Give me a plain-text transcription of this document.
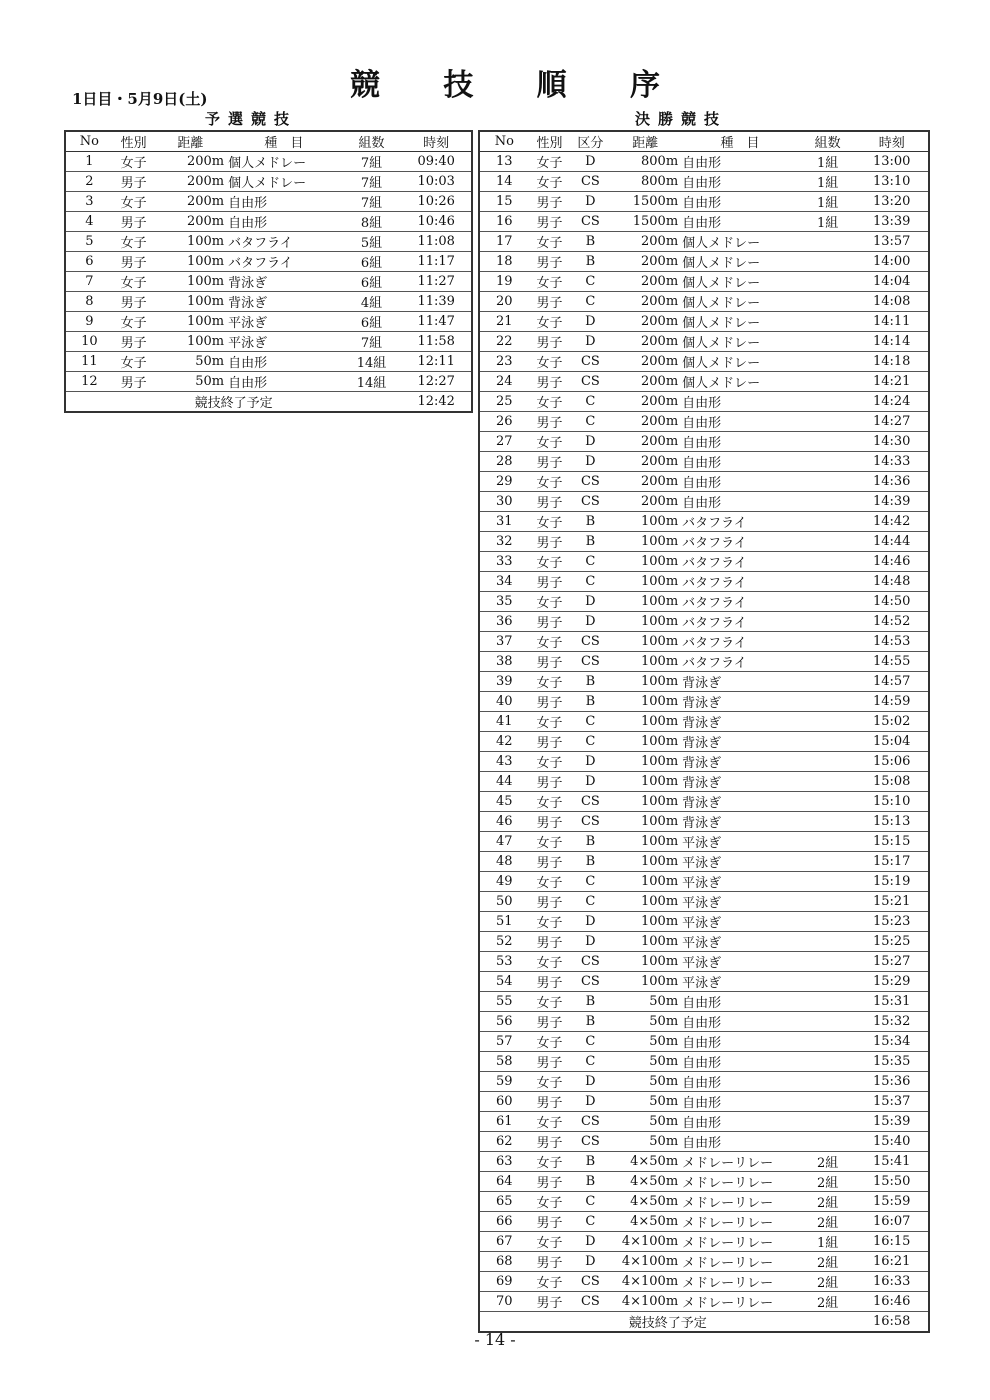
競 技 順 序
1日目・5月9日(土)
予選競技	決勝競技
No	性別	距離	種　目	組数	時刻
1	女子	200m	個人メドレー	7組	09:40
2	男子	200m	個人メドレー	7組	10:03
3	女子	200m	自由形	7組	10:26
4	男子	200m	自由形	8組	10:46
5	女子	100m	バタフライ	5組	11:08
6	男子	100m	バタフライ	6組	11:17
7	女子	100m	背泳ぎ	6組	11:27
8	男子	100m	背泳ぎ	4組	11:39
9	女子	100m	平泳ぎ	6組	11:47
10	男子	100m	平泳ぎ	7組	11:58
11	女子	50m	自由形	14組	12:11
12	男子	50m	自由形	14組	12:27
競技終了予定					12:42
No	性別	区分	距離	種　目	組数	時刻
13	女子	D	800m	自由形	1組	13:00
14	女子	CS	800m	自由形	1組	13:10
15	男子	D	1500m	自由形	1組	13:20
16	男子	CS	1500m	自由形	1組	13:39
17	女子	B	200m	個人メドレー		13:57
18	男子	B	200m	個人メドレー		14:00
19	女子	C	200m	個人メドレー		14:04
20	男子	C	200m	個人メドレー		14:08
21	女子	D	200m	個人メドレー		14:11
22	男子	D	200m	個人メドレー		14:14
23	女子	CS	200m	個人メドレー		14:18
24	男子	CS	200m	個人メドレー		14:21
25	女子	C	200m	自由形		14:24
26	男子	C	200m	自由形		14:27
27	女子	D	200m	自由形		14:30
28	男子	D	200m	自由形		14:33
29	女子	CS	200m	自由形		14:36
30	男子	CS	200m	自由形		14:39
31	女子	B	100m	バタフライ		14:42
32	男子	B	100m	バタフライ		14:44
33	女子	C	100m	バタフライ		14:46
34	男子	C	100m	バタフライ		14:48
35	女子	D	100m	バタフライ		14:50
36	男子	D	100m	バタフライ		14:52
37	女子	CS	100m	バタフライ		14:53
38	男子	CS	100m	バタフライ		14:55
39	女子	B	100m	背泳ぎ		14:57
40	男子	B	100m	背泳ぎ		14:59
41	女子	C	100m	背泳ぎ		15:02
42	男子	C	100m	背泳ぎ		15:04
43	女子	D	100m	背泳ぎ		15:06
44	男子	D	100m	背泳ぎ		15:08
45	女子	CS	100m	背泳ぎ		15:10
46	男子	CS	100m	背泳ぎ		15:13
47	女子	B	100m	平泳ぎ		15:15
48	男子	B	100m	平泳ぎ		15:17
49	女子	C	100m	平泳ぎ		15:19
50	男子	C	100m	平泳ぎ		15:21
51	女子	D	100m	平泳ぎ		15:23
52	男子	D	100m	平泳ぎ		15:25
53	女子	CS	100m	平泳ぎ		15:27
54	男子	CS	100m	平泳ぎ		15:29
55	女子	B	50m	自由形		15:31
56	男子	B	50m	自由形		15:32
57	女子	C	50m	自由形		15:34
58	男子	C	50m	自由形		15:35
59	女子	D	50m	自由形		15:36
60	男子	D	50m	自由形		15:37
61	女子	CS	50m	自由形		15:39
62	男子	CS	50m	自由形		15:40
63	女子	B	4×50m	メドレーリレー	2組	15:41
64	男子	B	4×50m	メドレーリレー	2組	15:50
65	女子	C	4×50m	メドレーリレー	2組	15:59
66	男子	C	4×50m	メドレーリレー	2組	16:07
67	女子	D	4×100m	メドレーリレー	1組	16:15
68	男子	D	4×100m	メドレーリレー	2組	16:21
69	女子	CS	4×100m	メドレーリレー	2組	16:33
70	男子	CS	4×100m	メドレーリレー	2組	16:46
競技終了予定						16:58
- 14 -
